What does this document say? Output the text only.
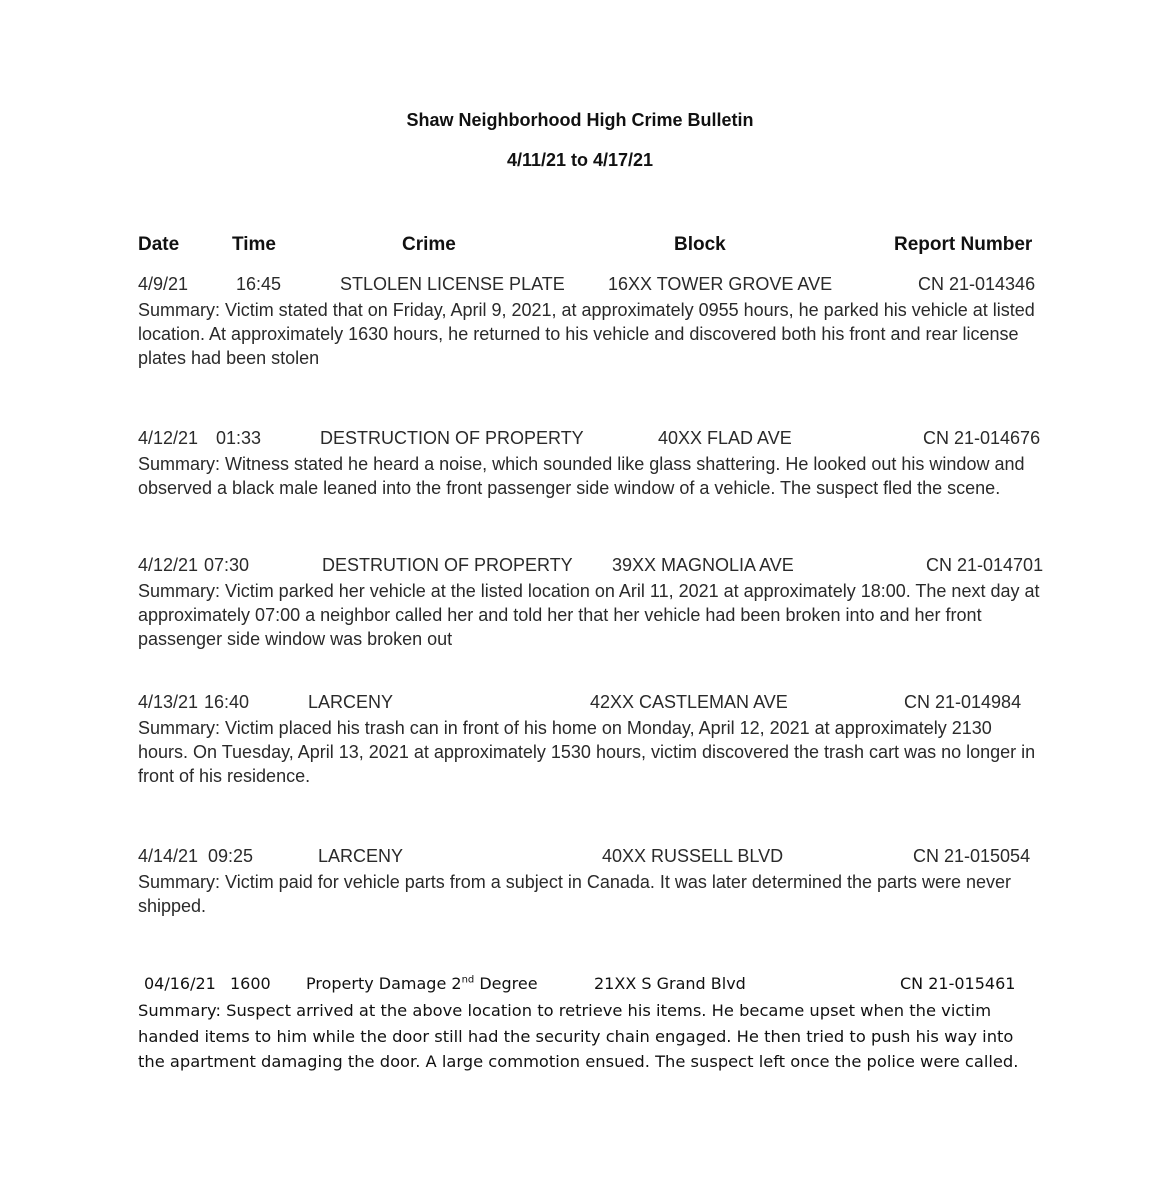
Shaw Neighborhood High Crime Bulletin
4/11/21 to 4/17/21
Date	Time	Crime	Block	Report Number
4/9/21	16:45	STLOLEN LICENSE PLATE 16XX TOWER GROVE AVE	CN 21-014346
Summary: Victim stated that on Friday, April 9, 2021, at approximately 0955 hours, he parked his vehicle at listed location. At approximately 1630 hours, he returned to his vehicle and discovered both his front and rear license plates had been stolen
4/12/21 01:33	DESTRUCTION OF PROPERTY	40XX FLAD AVE	CN 21-014676
Summary: Witness stated he heard a noise, which sounded like glass shattering. He looked out his window and observed a black male leaned into the front passenger side window of a vehicle. The suspect fled the scene.
4/12/21 07:30	DESTRUTION OF PROPERTY 39XX MAGNOLIA AVE	CN 21-014701
Summary: Victim parked her vehicle at the listed location on Aril 11, 2021 at approximately 18:00. The next day at approximately 07:00 a neighbor called her and told her that her vehicle had been broken into and her front passenger side window was broken out
4/13/21 16:40	LARCENY	42XX CASTLEMAN AVE	CN 21-014984
Summary: Victim placed his trash can in front of his home on Monday, April 12, 2021 at approximately 2130 hours. On Tuesday, April 13, 2021 at approximately 1530 hours, victim discovered the trash cart was no longer in front of his residence.
4/14/21 09:25	LARCENY	40XX RUSSELL BLVD	CN 21-015054
Summary: Victim paid for vehicle parts from a subject in Canada. It was later determined the parts were never shipped.
04/16/21 1600 Property Damage 2nd Degree	21XX S Grand Blvd	CN 21-015461
Summary: Suspect arrived at the above location to retrieve his items. He became upset when the victim handed items to him while the door still had the security chain engaged. He then tried to push his way into the apartment damaging the door. A large commotion ensued. The suspect left once the police were called.
